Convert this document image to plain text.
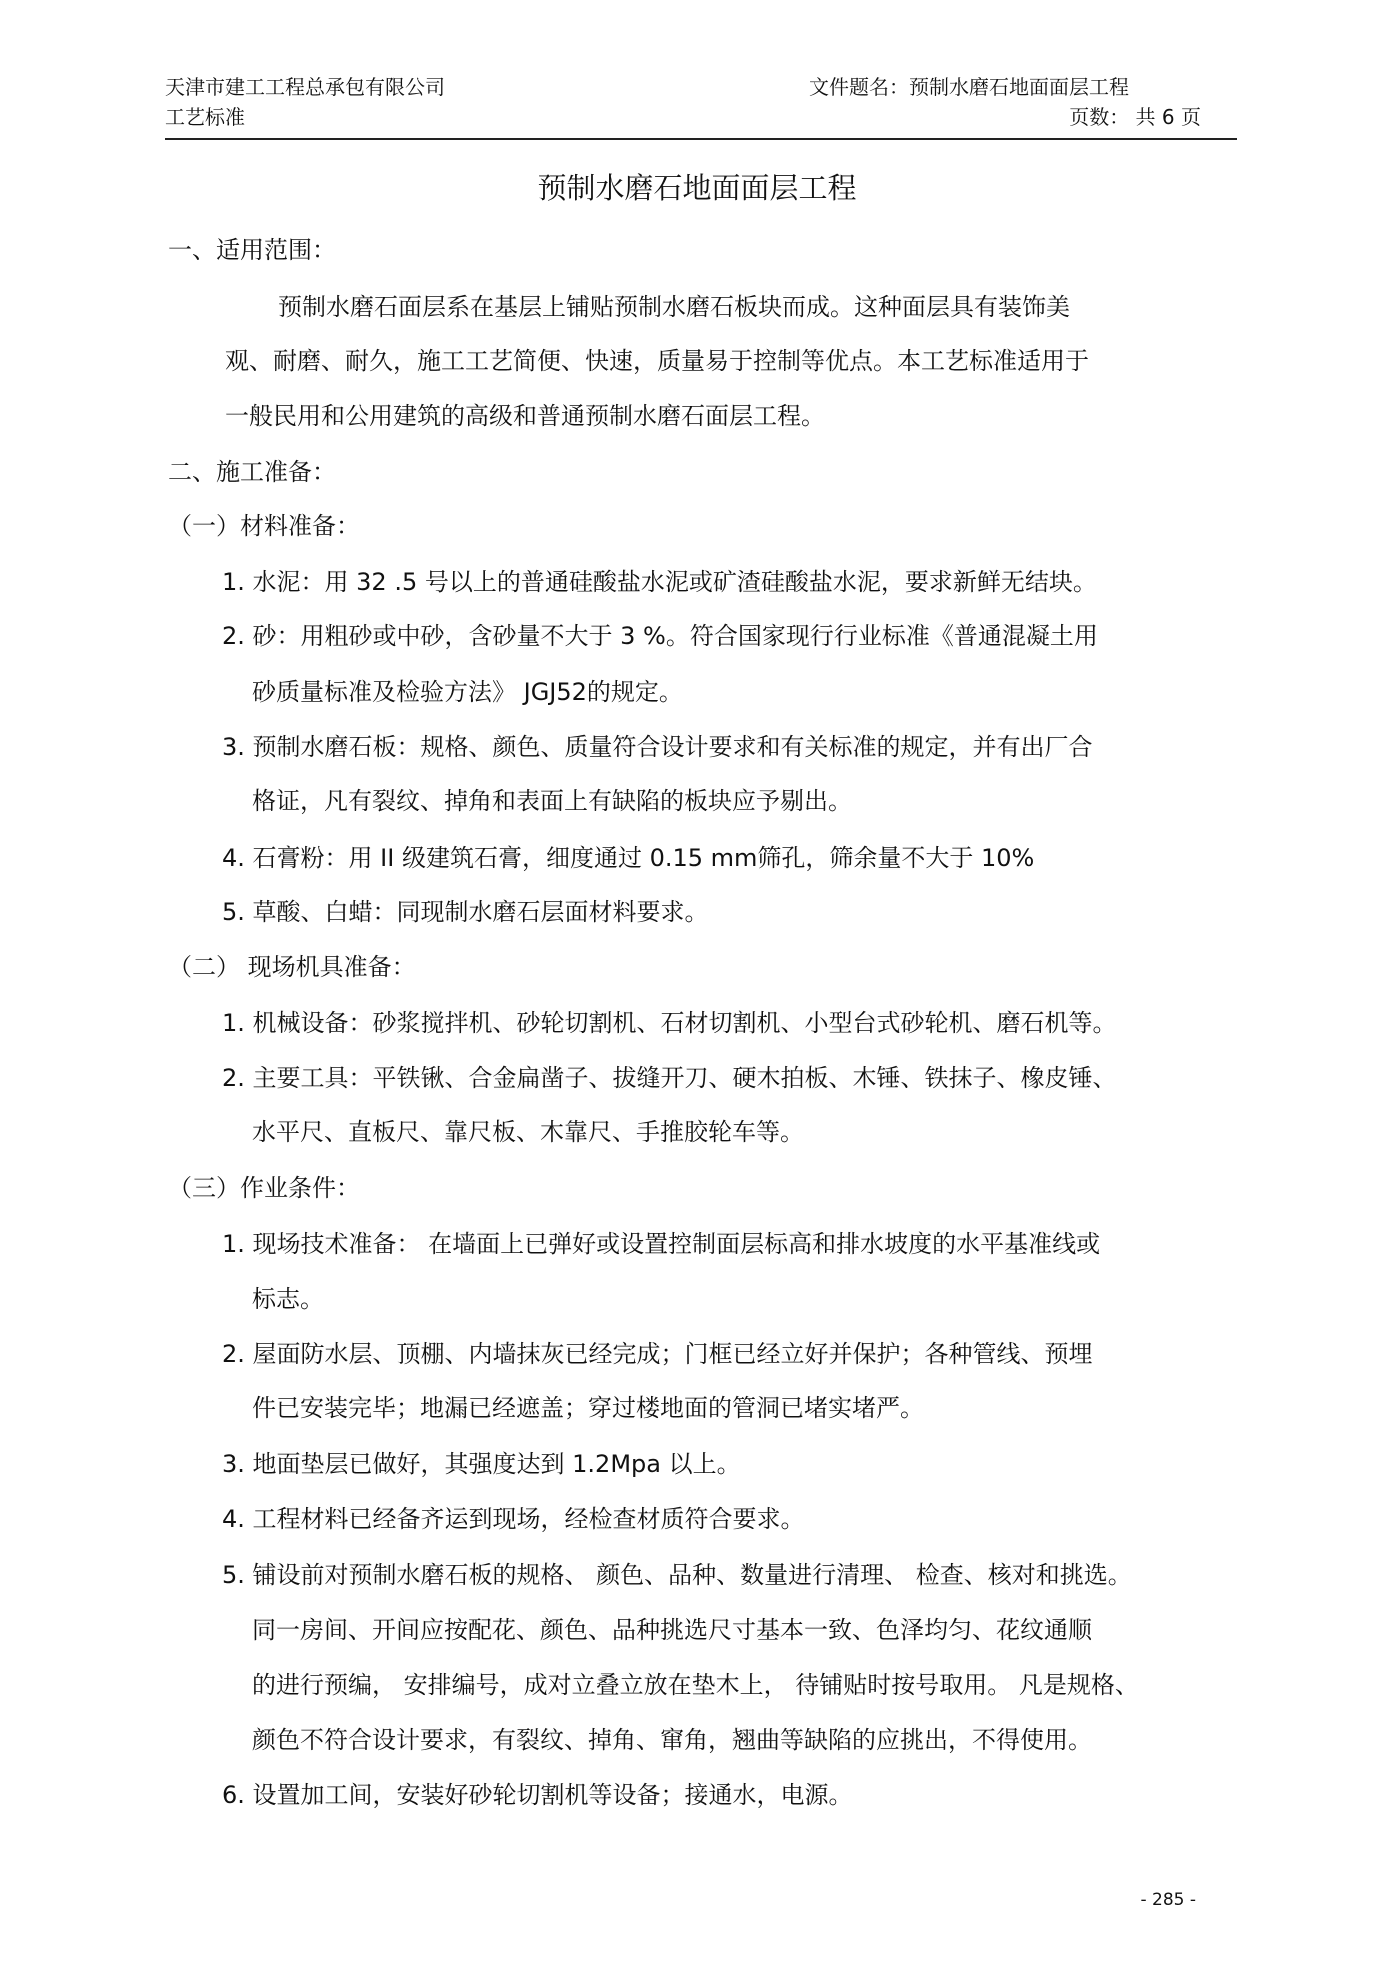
天津市建工工程总承包有限公司
工艺标准
文件题名：预制水磨石地面面层工程
页数： 共 6 页
预制水磨石地面面层工程
一、适用范围：
预制水磨石面层系在基层上铺贴预制水磨石板块而成。这种面层具有装饰美
观、耐磨、耐久，施工工艺简便、快速，质量易于控制等优点。本工艺标准适用于
一般民用和公用建筑的高级和普通预制水磨石面层工程。
二、施工准备：
（一）材料准备：
1. 水泥：用 32 .5 号以上的普通硅酸盐水泥或矿渣硅酸盐水泥，要求新鲜无结块。
2. 砂：用粗砂或中砂，含砂量不大于 3 %。符合国家现行行业标准《普通混凝土用
砂质量标准及检验方法》 JGJ52的规定。
3. 预制水磨石板：规格、颜色、质量符合设计要求和有关标准的规定，并有出厂合
格证，凡有裂纹、掉角和表面上有缺陷的板块应予剔出。
4. 石膏粉：用 II 级建筑石膏，细度通过 0.15 mm筛孔，筛余量不大于 10%
5. 草酸、白蜡：同现制水磨石层面材料要求。
（二） 现场机具准备：
1. 机械设备：砂浆搅拌机、砂轮切割机、石材切割机、小型台式砂轮机、磨石机等。
2. 主要工具：平铁锹、合金扁凿子、拔缝开刀、硬木拍板、木锤、铁抹子、橡皮锤、
水平尺、直板尺、靠尺板、木靠尺、手推胶轮车等。
（三）作业条件：
1. 现场技术准备： 在墙面上已弹好或设置控制面层标高和排水坡度的水平基准线或
标志。
2. 屋面防水层、顶棚、内墙抹灰已经完成；门框已经立好并保护；各种管线、预埋
件已安装完毕；地漏已经遮盖；穿过楼地面的管洞已堵实堵严。
3. 地面垫层已做好，其强度达到 1.2Mpa 以上。
4. 工程材料已经备齐运到现场，经检查材质符合要求。
5. 铺设前对预制水磨石板的规格、 颜色、品种、数量进行清理、 检查、核对和挑选。
同一房间、开间应按配花、颜色、品种挑选尺寸基本一致、色泽均匀、花纹通顺
的进行预编， 安排编号，成对立叠立放在垫木上， 待铺贴时按号取用。 凡是规格、
颜色不符合设计要求，有裂纹、掉角、窜角，翘曲等缺陷的应挑出，不得使用。
6. 设置加工间，安装好砂轮切割机等设备；接通水，电源。
- 285 -
